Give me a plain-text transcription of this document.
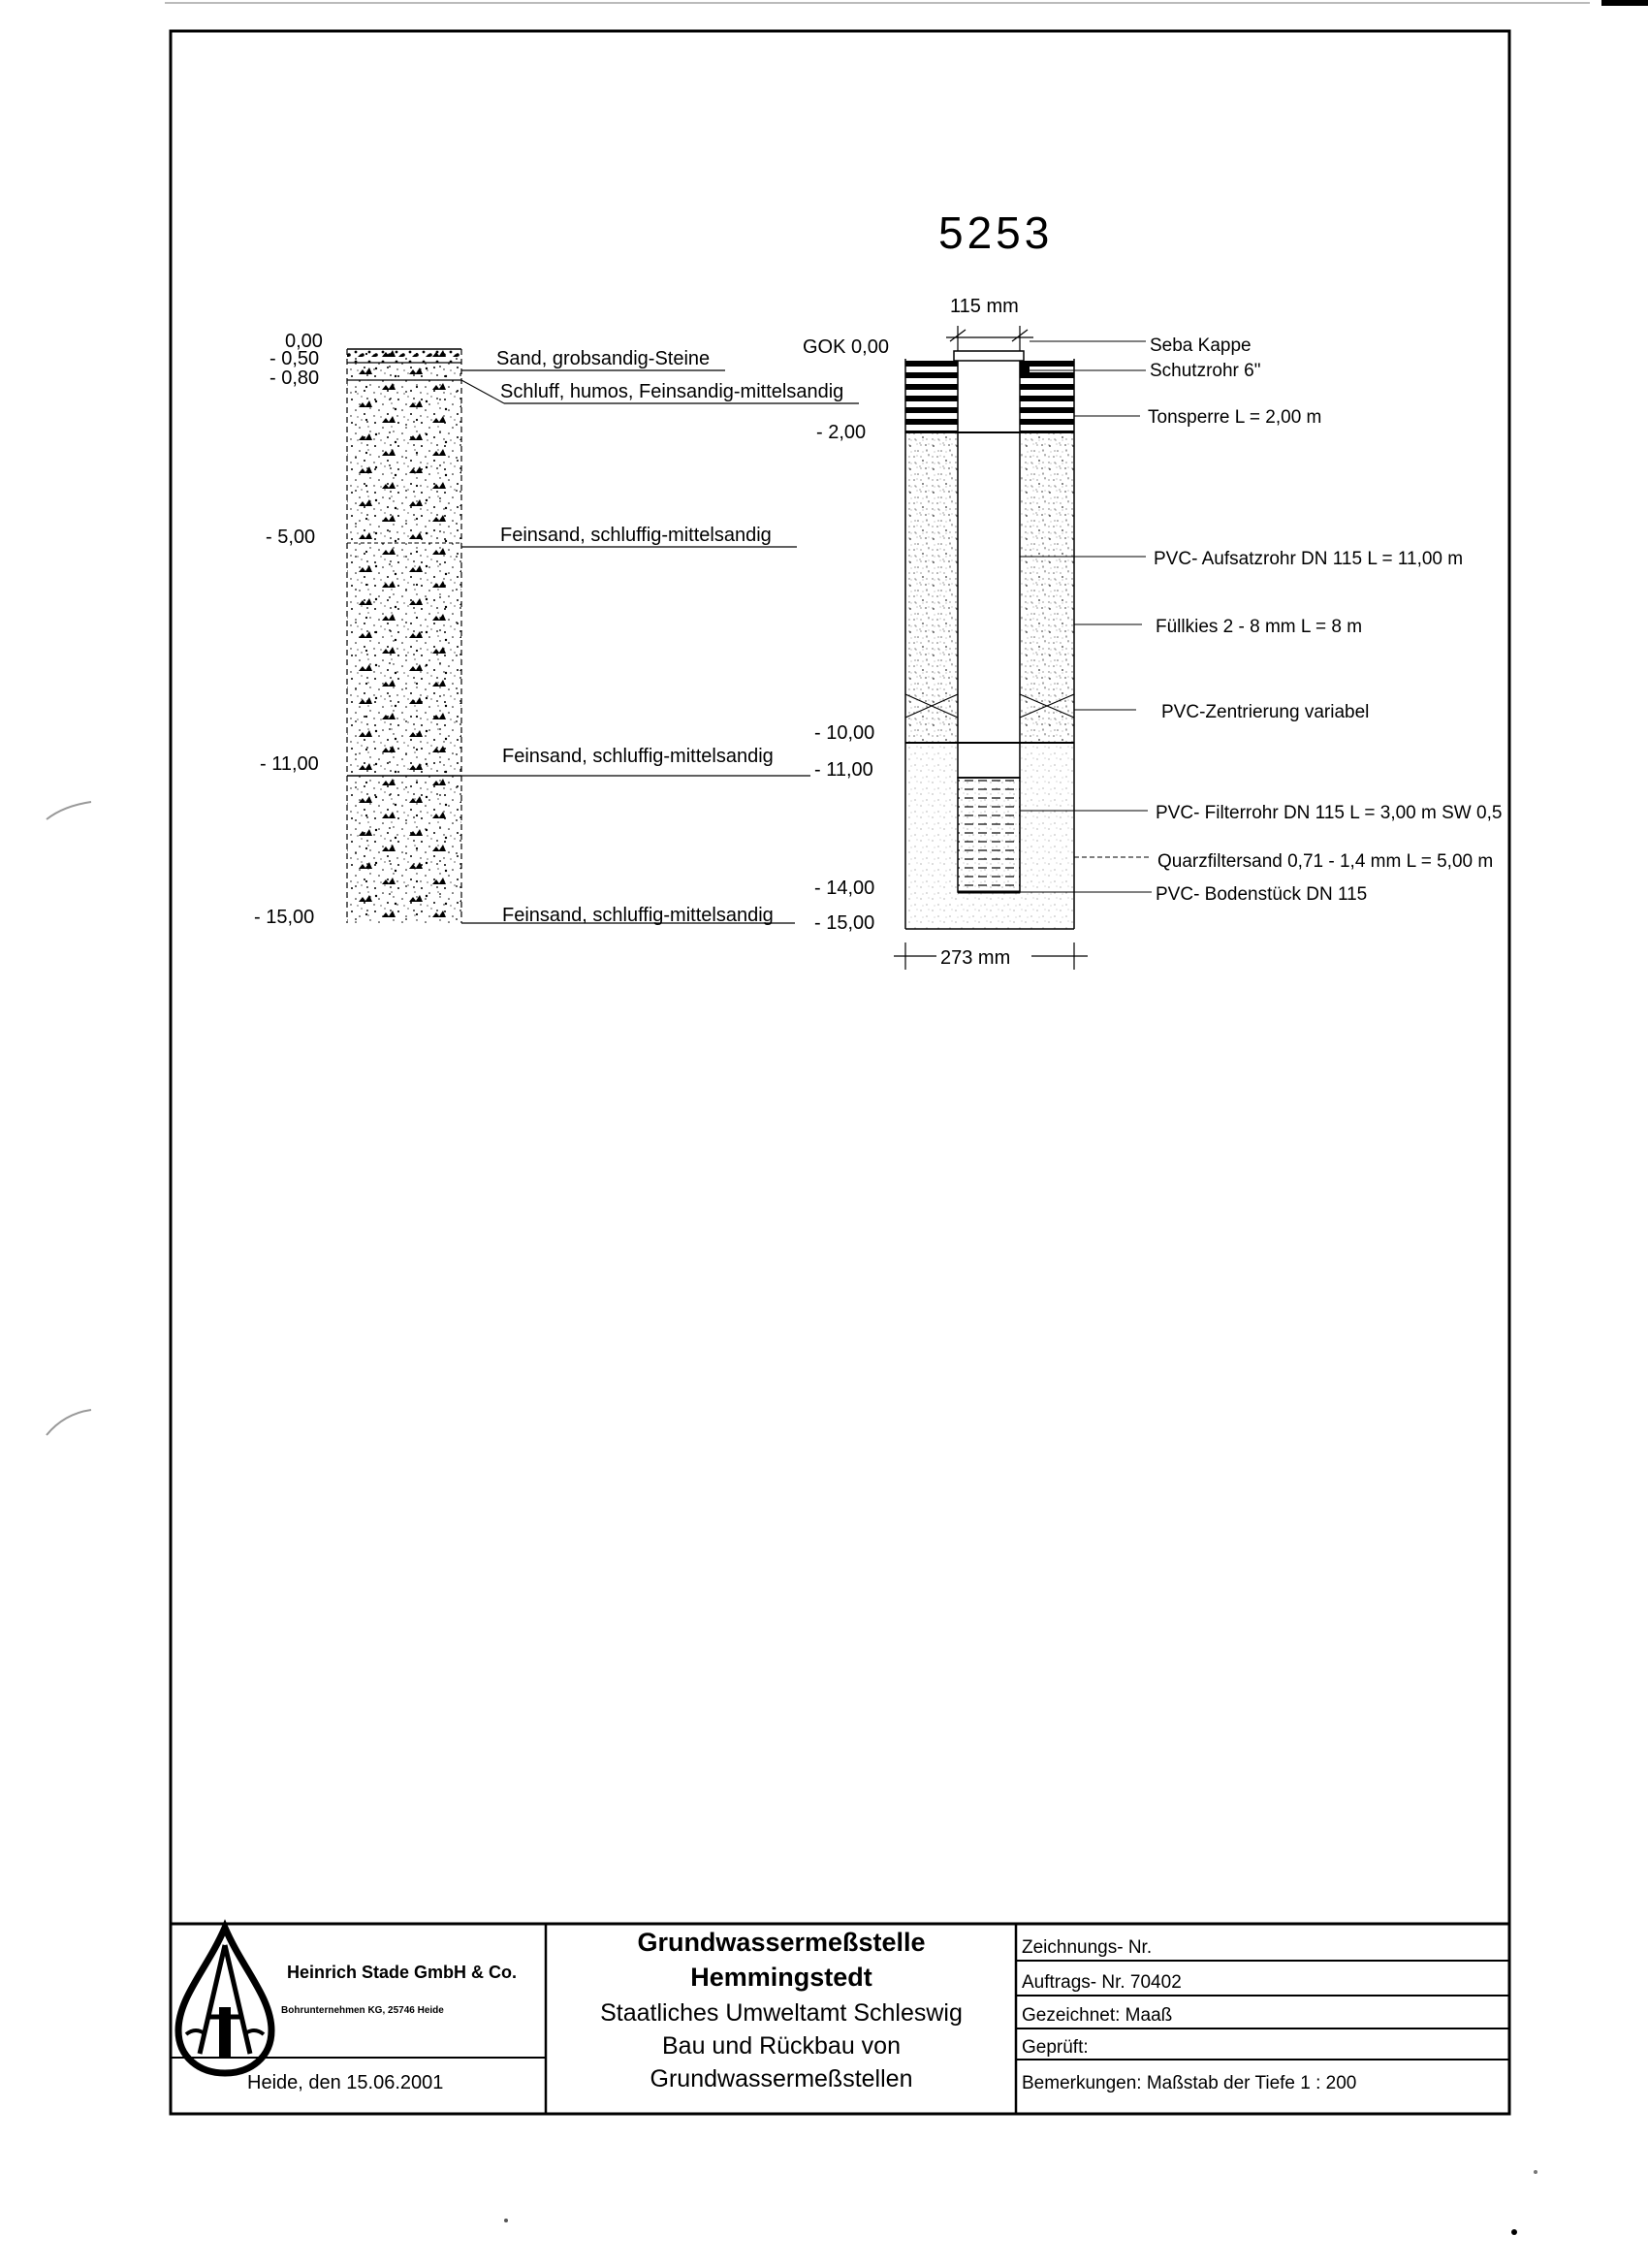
5253
0,00
- 0,50
- 0,80
- 5,00
- 11,00
- 15,00
Sand, grobsandig-Steine
Schluff, humos, Feinsandig-mittelsandig
Feinsand, schluffig-mittelsandig
Feinsand, schluffig-mittelsandig
Feinsand, schluffig-mittelsandig
115 mm
273 mm
GOK 0,00
- 2,00
- 10,00
- 11,00
- 14,00
- 15,00
Seba Kappe
Schutzrohr 6"
Tonsperre L = 2,00 m
PVC- Aufsatzrohr DN 115 L = 11,00 m
Füllkies 2 - 8 mm L = 8 m
PVC-Zentrierung variabel
PVC- Filterrohr DN 115 L = 3,00 m SW 0,5
Quarzfiltersand 0,71 - 1,4 mm L = 5,00 m
PVC- Bodenstück DN 115
Heinrich Stade GmbH & Co.
Bohrunternehmen KG, 25746 Heide
Heide, den 15.06.2001
Grundwassermeßstelle
Hemmingstedt
Staatliches Umweltamt Schleswig
Bau und Rückbau von
Grundwassermeßstellen
Zeichnungs- Nr.
Auftrags- Nr. 70402
Gezeichnet: Maaß
Geprüft:
Bemerkungen: Maßstab der Tiefe 1 : 200
